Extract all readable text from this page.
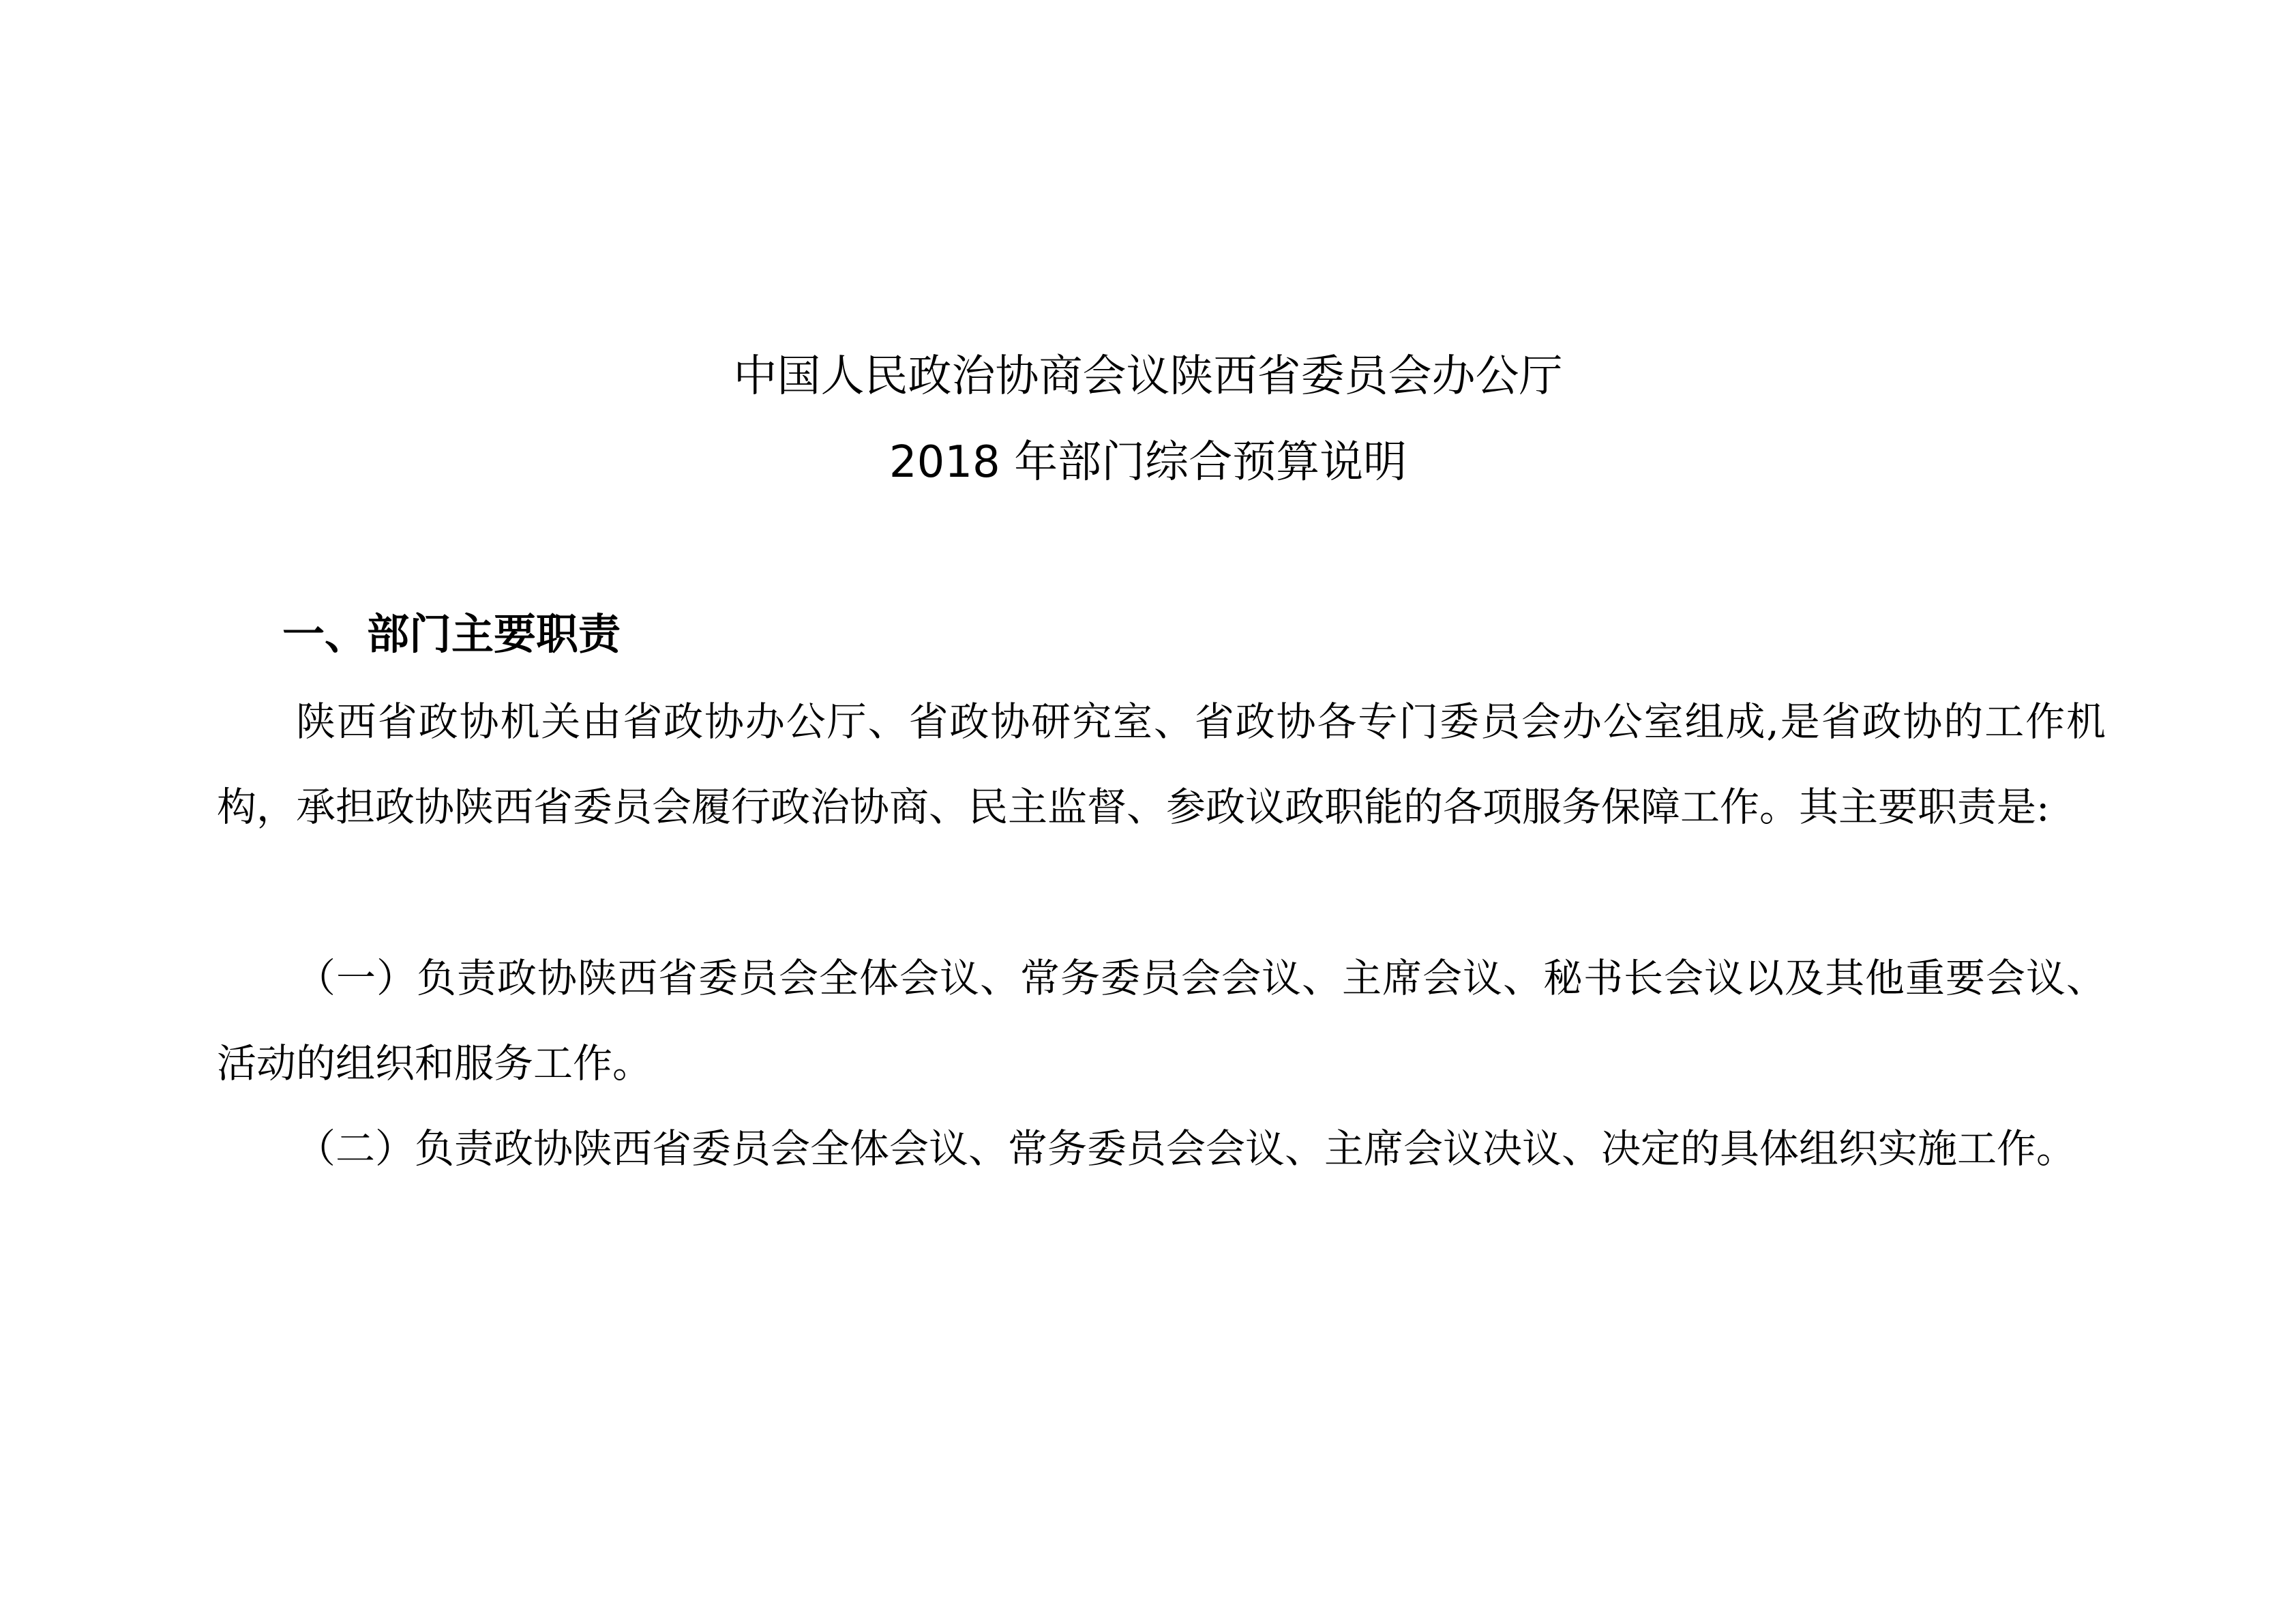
中国人民政治协商会议陕西省委员会办公厅
2018 年部门综合预算说明
一、部门主要职责
陕西省政协机关由省政协办公厅、省政协研究室、省政协各专门委员会办公室组成,是省政协的工作机构，承担政协陕西省委员会履行政治协商、民主监督、参政议政职能的各项服务保障工作。其主要职责是:
（一）负责政协陕西省委员会全体会议、常务委员会会议、主席会议、秘书长会议以及其他重要会议、活动的组织和服务工作。
（二）负责政协陕西省委员会全体会议、常务委员会会议、主席会议决议、决定的具体组织实施工作。
